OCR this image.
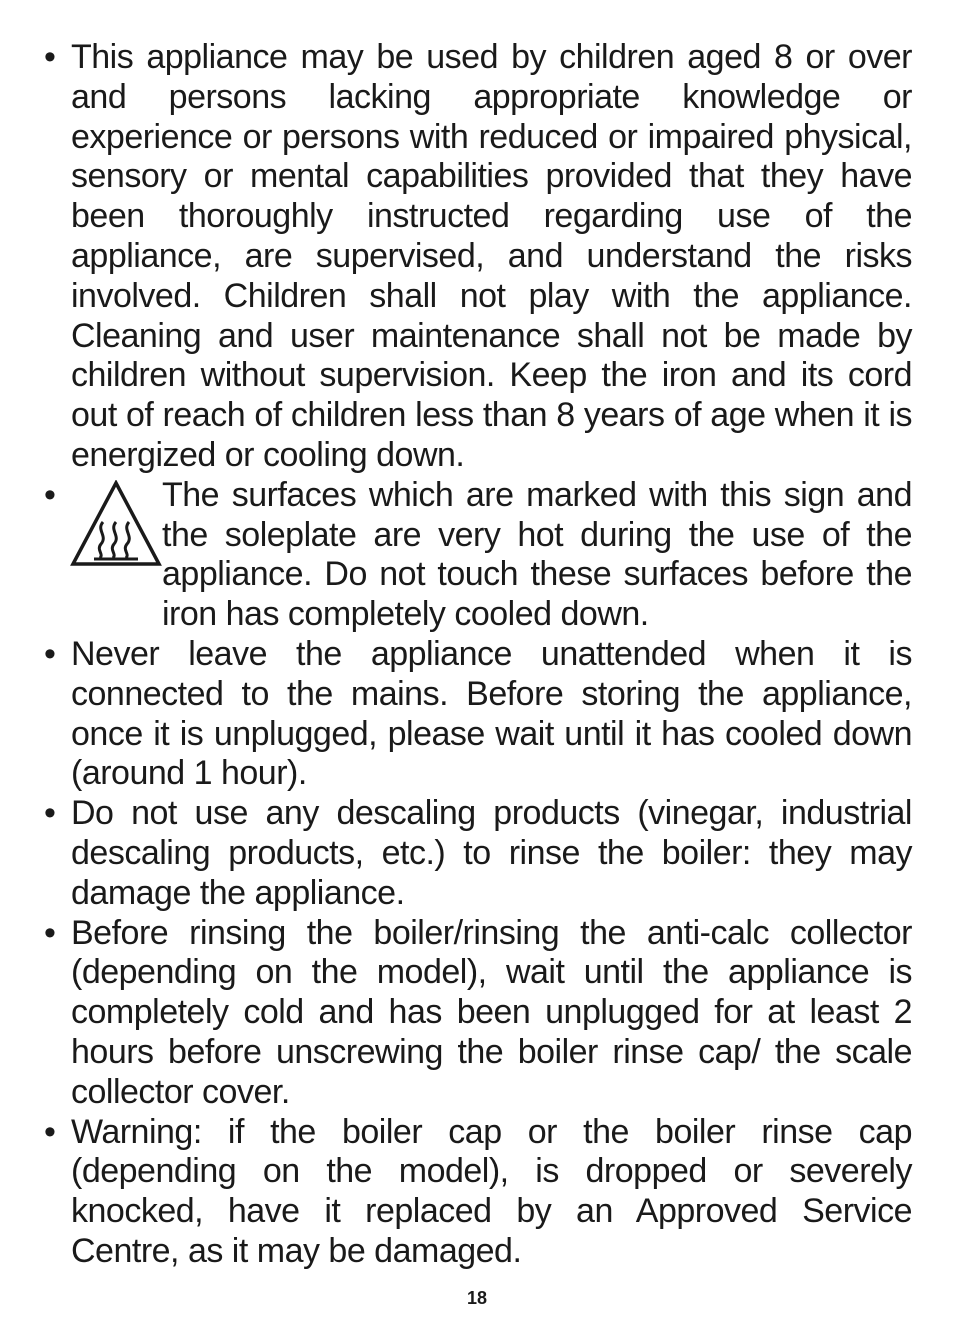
• This appliance may be used by children aged 8 or over and persons lacking appropriate knowledge or experience or persons with reduced or impaired physical, sensory or mental capabilities provided that they have been thoroughly instructed regarding use of the appliance, are supervised, and understand the risks involved. Children shall not play with the appliance. Cleaning and user maintenance shall not be made by children without supervision. Keep the iron and its cord out of reach of children less than 8 years of age when it is energized or cooling down.
•	The surfaces which are marked with this sign and the soleplate are very hot during the use of the appliance. Do not touch these surfaces before the iron has completely cooled down.
• Never leave the appliance unattended when it is connected to the mains. Before storing the appliance, once it is unplugged, please wait until it has cooled down (around 1 hour).
• Do not use any descaling products (vinegar, industrial descaling products, etc.) to rinse the boiler: they may damage the appliance.
• Before rinsing the boiler/rinsing the anti-calc collector (depending on the model), wait until the appliance is completely cold and has been unplugged for at least 2 hours before unscrewing the boiler rinse cap/ the scale collector cover.
• Warning: if the boiler cap or the boiler rinse cap (depending on the model), is dropped or severely knocked, have it replaced by an Approved Service Centre, as it may be damaged.
18
